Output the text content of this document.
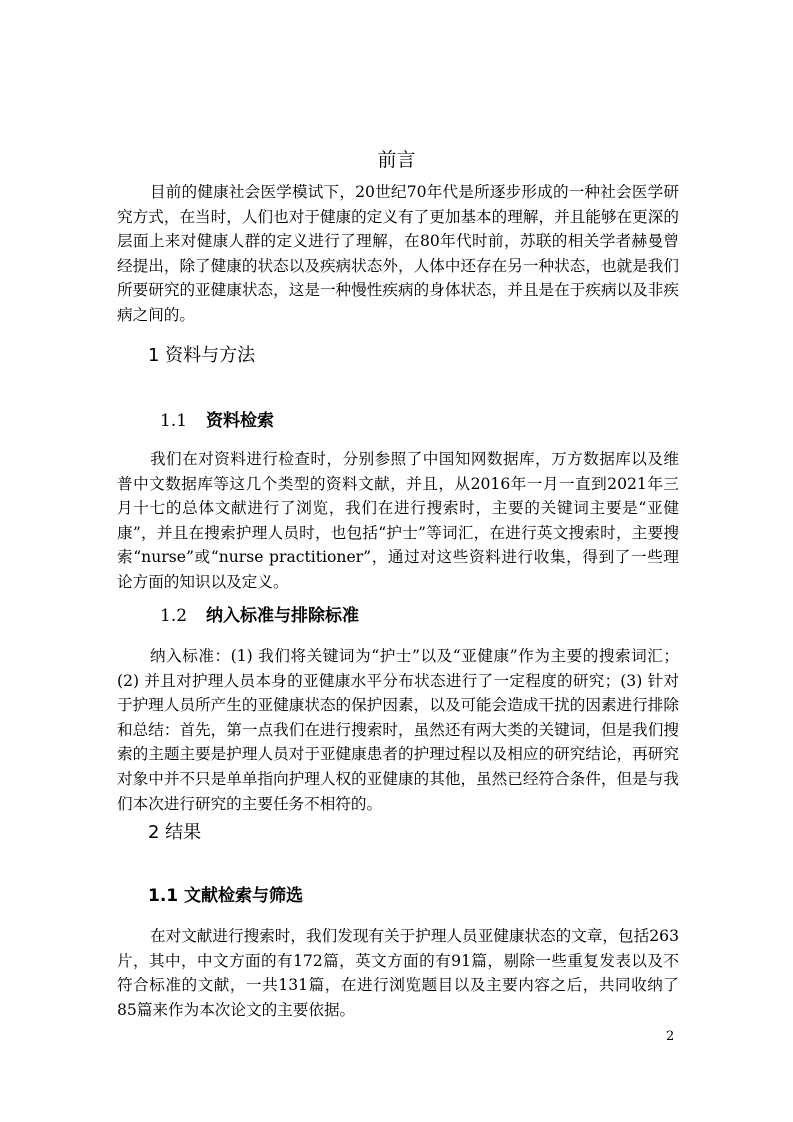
前言

目前的健康社会医学模试下，20世纪70年代是所逐步形成的一种社会医学研究方式，在当时，人们也对于健康的定义有了更加基本的理解，并且能够在更深的层面上来对健康人群的定义进行了理解，在80年代时前，苏联的相关学者赫曼曾经提出，除了健康的状态以及疾病状态外，人体中还存在另一种状态，也就是我们所要研究的亚健康状态，这是一种慢性疾病的身体状态，并且是在于疾病以及非疾病之间的。

1 资料与方法
1.1 资料检索

我们在对资料进行检查时，分别参照了中国知网数据库，万方数据库以及维普中文数据库等这几个类型的资料文献，并且，从2016年一月一直到2021年三月十七的总体文献进行了浏览，我们在进行搜索时，主要的关键词主要是“亚健康”，并且在搜索护理人员时，也包括“护士”等词汇，在进行英文搜索时，主要搜索“nurse”或“nurse practitioner”，通过对这些资料进行收集，得到了一些理论方面的知识以及定义。

1.2 纳入标准与排除标准

纳入标准：(1) 我们将关键词为“护士”以及“亚健康”作为主要的搜索词汇；(2) 并且对护理人员本身的亚健康水平分布状态进行了一定程度的研究；(3) 针对于护理人员所产生的亚健康状态的保护因素，以及可能会造成干扰的因素进行排除和总结：首先，第一点我们在进行搜索时，虽然还有两大类的关键词，但是我们搜索的主题主要是护理人员对于亚健康患者的护理过程以及相应的研究结论，再研究对象中并不只是单单指向护理人权的亚健康的其他，虽然已经符合条件，但是与我们本次进行研究的主要任务不相符的。

2 结果
1.1 文献检索与筛选

在对文献进行搜索时，我们发现有关于护理人员亚健康状态的文章，包括263片，其中，中文方面的有172篇，英文方面的有91篇，剔除一些重复发表以及不符合标准的文献，一共131篇，在进行浏览题目以及主要内容之后，共同收纳了85篇来作为本次论文的主要依据。

2
